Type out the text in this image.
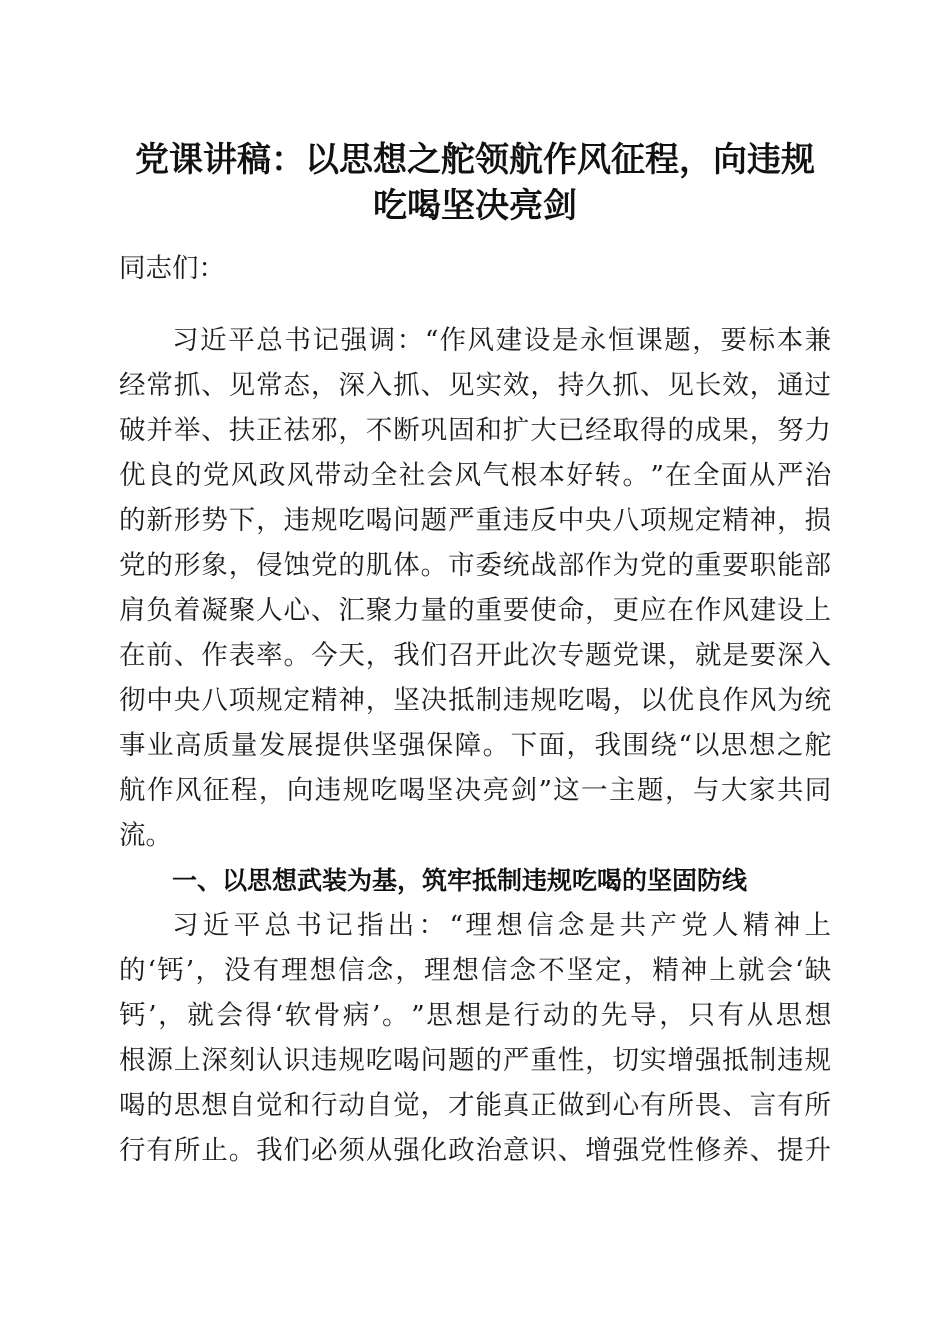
党课讲稿：以思想之舵领航作风征程，向违规
吃喝坚决亮剑
同志们：
习 近 平 总 书 记 强 调 ： “ 作 风 建 设 是 永 恒 课 题 ， 要 标 本 兼
经 常 抓 、 见 常 态 ， 深 入 抓 、 见 实 效 ， 持 久 抓 、 见 长 效 ， 通 过
破 并 举 、 扶 正 祛 邪 ， 不 断 巩 固 和 扩 大 已 经 取 得 的 成 果 ， 努 力
优 良 的 党 风 政 风 带 动 全 社 会 风 气 根 本 好 转 。 ” 在 全 面 从 严 治
的 新 形 势 下 ， 违 规 吃 喝 问 题 严 重 违 反 中 央 八 项 规 定 精 神 ， 损
党 的 形 象 ， 侵 蚀 党 的 肌 体 。 市 委 统 战 部 作 为 党 的 重 要 职 能 部
肩 负 着 凝 聚 人 心 、 汇 聚 力 量 的 重 要 使 命 ， 更 应 在 作 风 建 设 上
在 前 、 作 表 率 。 今 天 ， 我 们 召 开 此 次 专 题 党 课 ， 就 是 要 深 入
彻 中 央 八 项 规 定 精 神 ， 坚 决 抵 制 违 规 吃 喝 ， 以 优 良 作 风 为 统
事 业 高 质 量 发 展 提 供 坚 强 保 障 。 下 面 ， 我 围 绕 “ 以 思 想 之 舵
航 作 风 征 程 ， 向 违 规 吃 喝 坚 决 亮 剑 ” 这 一 主 题 ， 与 大 家 共 同
流。
一、以思想武装为基，筑牢抵制违规吃喝的坚固防线
习 近 平 总 书 记 指 出 ： “ 理 想 信 念 是 共 产 党 人 精 神 上
的 ‘ 钙 ’ ， 没 有 理 想 信 念 ， 理 想 信 念 不 坚 定 ， 精 神 上 就 会 ‘ 缺
钙 ’ ， 就 会 得 ‘ 软 骨 病 ’ 。 ” 思 想 是 行 动 的 先 导 ， 只 有 从 思 想
根 源 上 深 刻 认 识 违 规 吃 喝 问 题 的 严 重 性 ， 切 实 增 强 抵 制 违 规
喝 的 思 想 自 觉 和 行 动 自 觉 ， 才 能 真 正 做 到 心 有 所 畏 、 言 有 所
行 有 所 止 。 我 们 必 须 从 强 化 政 治 意 识 、 增 强 党 性 修 养 、 提 升
